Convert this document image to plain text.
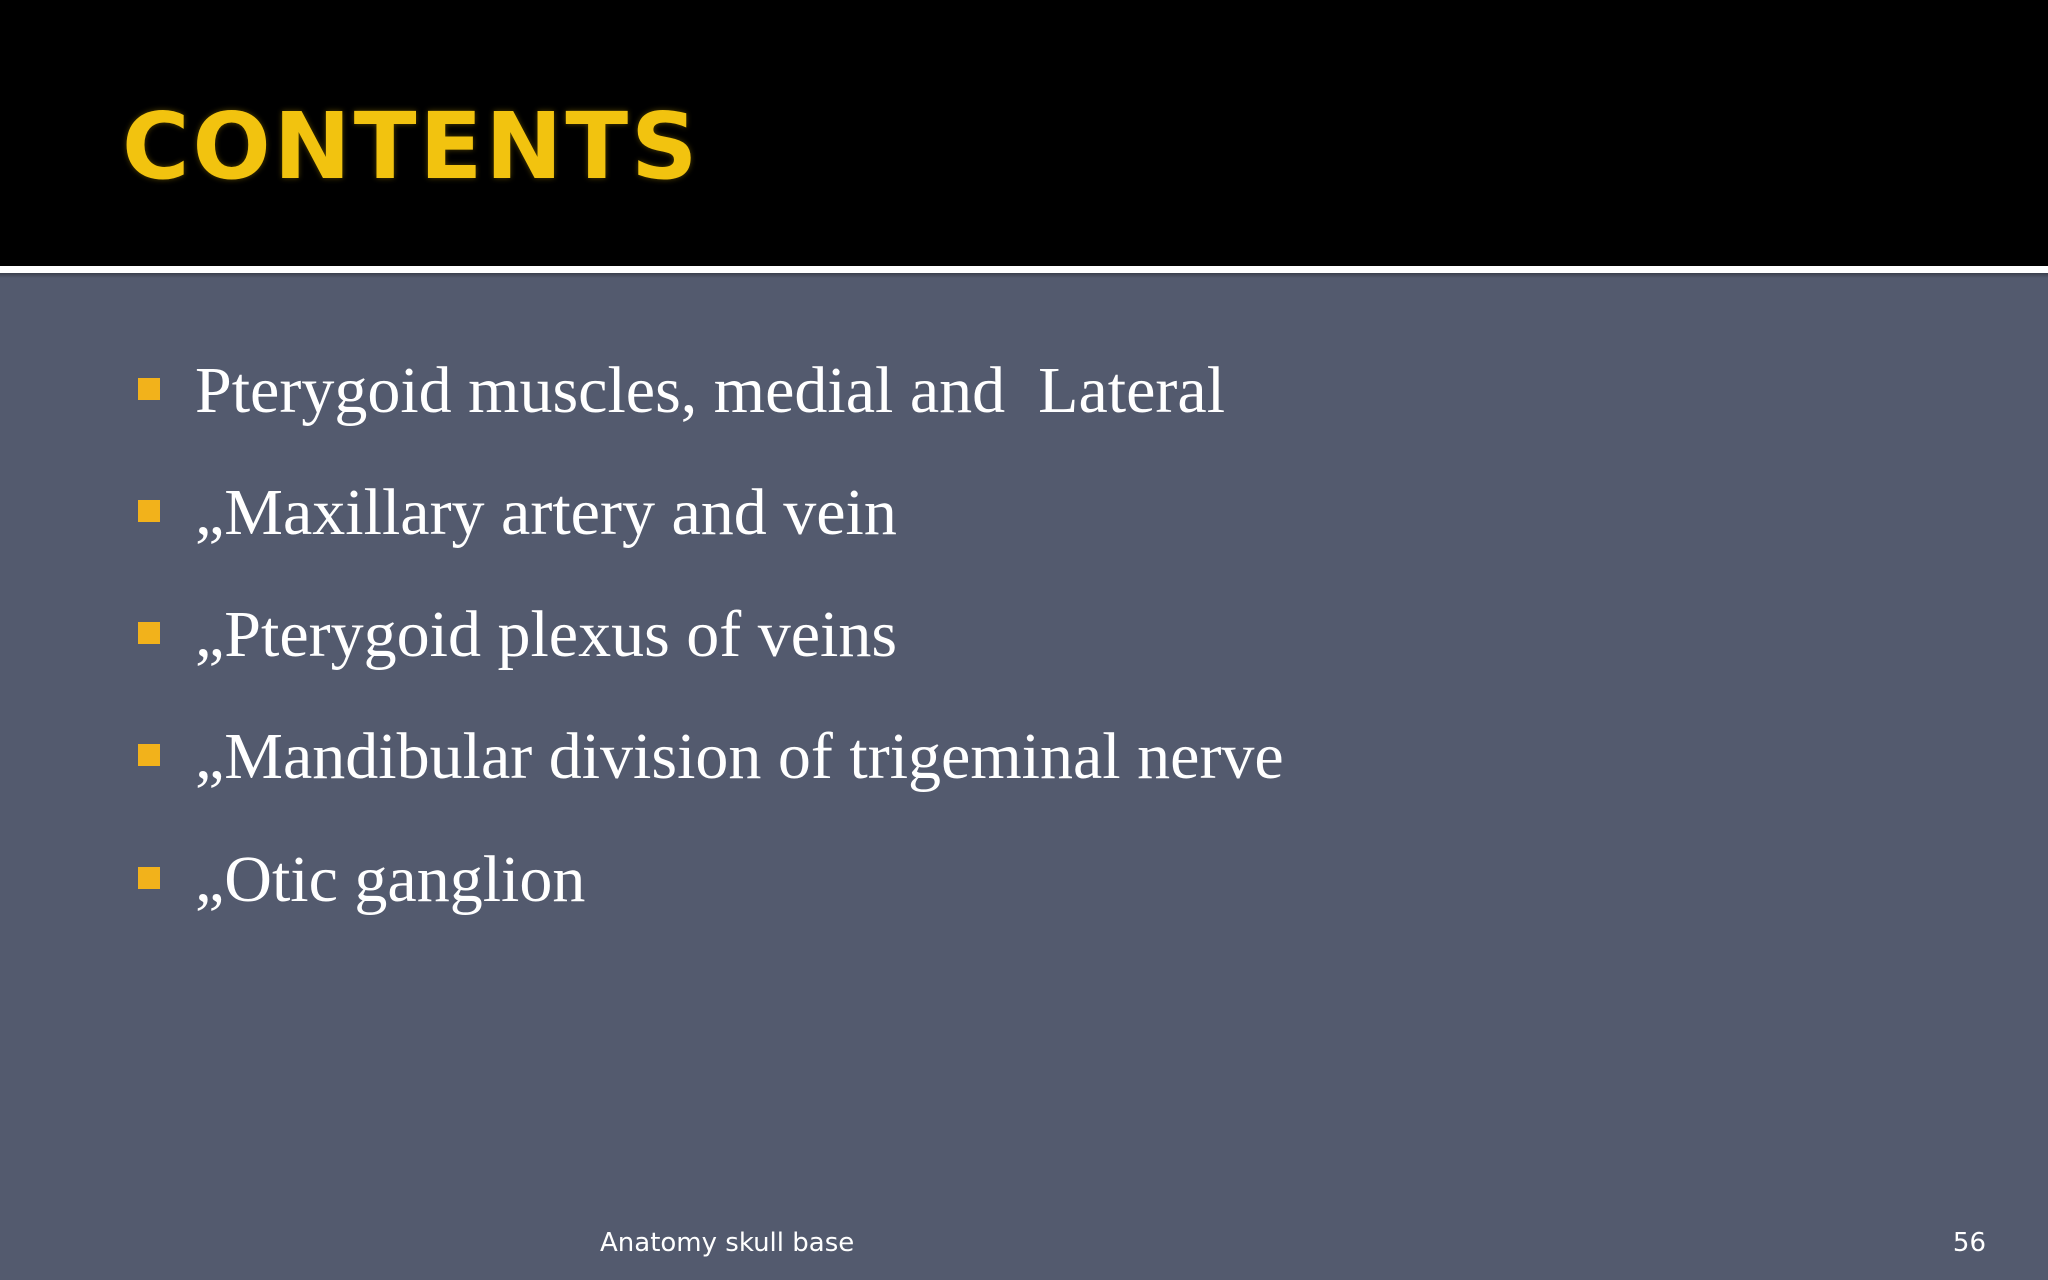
CONTENTS
Pterygoid muscles, medial and  Lateral
„Maxillary artery and vein
„Pterygoid plexus of veins
„Mandibular division of trigeminal nerve
„Otic ganglion
Anatomy skull base	56
